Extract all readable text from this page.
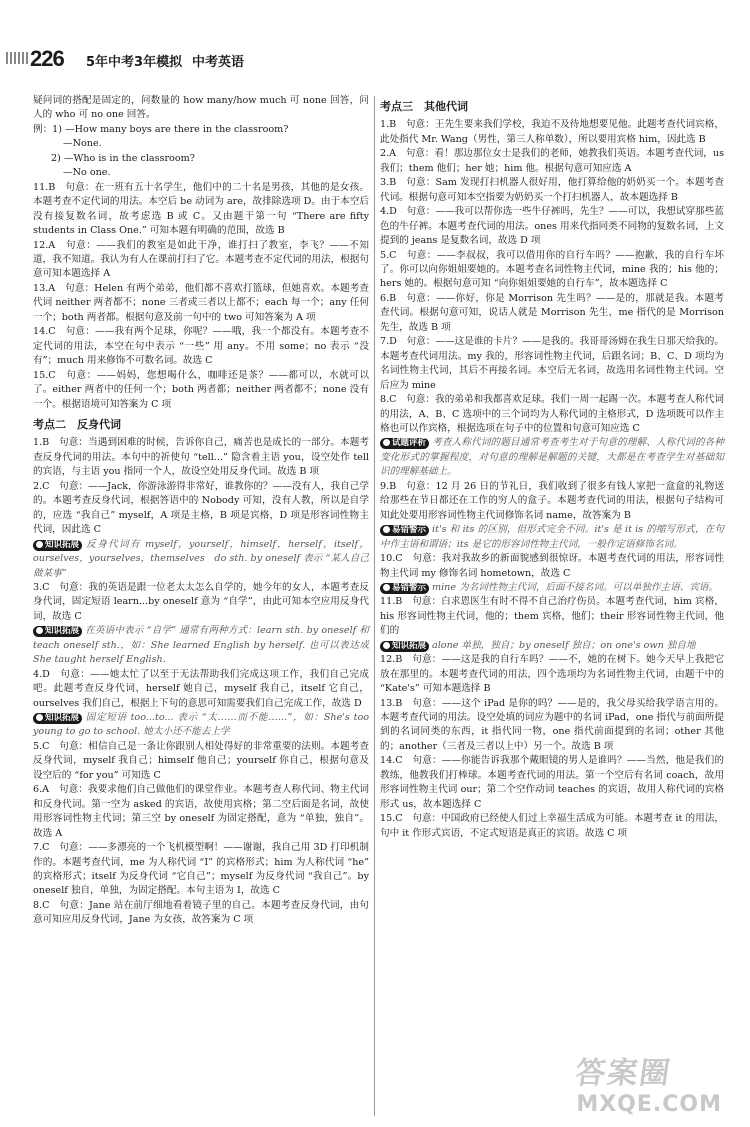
226 5年中考3年模拟 中考英语

疑问词的搭配是固定的，问数量的 how many/how much 可 none 回答，问人的 who 可 no one 回答。

例：1) —How many boys are there in the classroom?

—None.

2) —Who is in the classroom?

—No one.

11.B　句意：在一班有五十名学生，他们中的二十名是男孩，其他的是女孩。本题考查不定代词的用法。本空后 be 动词为 are，故排除选项 D。由于本空后没有接复数名词，故考虑选 B 或 C。又由题干第一句 “There are fifty students in Class One.” 可知本题有明确的范围，故选 B

12.A　句意：——我们的教室是如此干净，谁打扫了教室，李飞？——不知道，我不知道。我认为有人在课前打扫了它。本题考查不定代词的用法，根据句意可知本题选择 A

13.A　句意：Helen 有两个弟弟，他们都不喜欢打篮球，但她喜欢。本题考查代词 neither 两者都不；none 三者或三者以上都不；each 每一个；any 任何一个；both 两者都。根据句意及前一句中的 two 可知答案为 A 项

14.C　句意：——我有两个足球，你呢？——哦，我一个都没有。本题考查不定代词的用法，本空在句中表示 “一些” 用 any。不用 some；no 表示 “没有”；much 用来修饰不可数名词。故选 C

15.C　句意：——妈妈，您想喝什么，咖啡还是茶？——都可以，水就可以了。either 两者中的任何一个；both 两者都；neither 两者都不；none 没有一个。根据语境可知答案为 C 项

考点二　反身代词

1.B　句意：当遇到困难的时候，告诉你自己，痛苦也是成长的一部分。本题考查反身代词的用法。本句中的祈使句 “tell...” 隐含着主语 you，设空处作 tell 的宾语，与主语 you 指同一个人，故设空处用反身代词。故选 B 项

2.C　句意：——Jack，你游泳游得非常好，谁教你的？——没有人，我自己学的。本题考查反身代词，根据答语中的 Nobody 可知，没有人教，所以是自学的，应选 “我自己” myself，A 项是主格，B 项是宾格，D 项是形容词性物主代词，因此选 C

知识拓展 反身代词有 myself，yourself，himself，herself，itself，ourselves，yourselves，themselves　do sth. by oneself 表示 “某人自己做某事”

3.C　句意：我的英语是跟一位老太太怎么自学的，她今年的女人，本题考查反身代词，固定短语 learn...by oneself 意为 “自学”，由此可知本空应用反身代词，故选 C

知识拓展 在英语中表示 “自学” 通常有两种方式：learn sth. by oneself 和 teach oneself sth.，如：She learned English by herself. 也可以表达成 She taught herself English.

4.D　句意：——她太忙了以至于无法帮助我们完成这项工作，我们自己完成吧。此题考查反身代词，herself 她自己，myself 我自己，itself 它自己，ourselves 我们自己，根据上下句的意思可知需要我们自己完成工作，故选 D

知识拓展 固定短语 too...to... 表示 “太……而不能……”，如：She's too young to go to school. 她太小还不能去上学

5.C　句意：相信自己是一条让你跟别人相处得好的非常重要的法则。本题考查反身代词，myself 我自己；himself 他自己；yourself 你自己，根据句意及设空后的 “for you” 可知选 C

6.A　句意：我要求他们自己做他们的课堂作业。本题考查人称代词、物主代词和反身代词。第一空为 asked 的宾语，故使用宾格；第二空后面是名词，故使用形容词性物主代词；第三空 by oneself 为固定搭配，意为 “单独，独自”。故选 A

7.C　句意：——多漂亮的一个飞机模型啊！——谢谢，我自己用 3D 打印机制作的。本题考查代词，me 为人称代词 “I” 的宾格形式；him 为人称代词 “he” 的宾格形式；itself 为反身代词 “它自己”；myself 为反身代词 “我自己”。by oneself 独自，单独，为固定搭配。本句主语为 I，故选 C

8.C　句意：Jane 站在前厅细地看着镜子里的自己。本题考查反身代词，由句意可知应用反身代词，Jane 为女孩，故答案为 C 项

考点三　其他代词

1.B　句意：王先生要来我们学校，我迫不及待地想要见他。此题考查代词宾格，此处指代 Mr. Wang（男性，第三人称单数），所以要用宾格 him，因此选 B

2.A　句意：看！那边那位女士是我们的老师，她教我们英语。本题考查代词，us 我们；them 他们；her 她；him 他。根据句意可知应选 A

3.B　句意：Sam 发现打扫机器人很好用，他打算给他的奶奶买一个。本题考查代词。根据句意可知本空指要为奶奶买一个打扫机器人，故本题选择 B

4.D　句意：——我可以帮你选一些牛仔裤吗，先生？——可以，我想试穿那些蓝色的牛仔裤。本题考查代词的用法。ones 用来代指同类不同物的复数名词，上文提到的 jeans 是复数名词，故选 D 项

5.C　句意：——李叔叔，我可以借用你的自行车吗？——抱歉，我的自行车坏了。你可以向你姐姐要她的。本题考查名词性物主代词，mine 我的；his 他的；hers 她的。根据句意可知 “向你姐姐要她的自行车”，故本题选择 C

6.B　句意：——你好，你是 Morrison 先生吗？——是的，那就是我。本题考查代词。根据句意可知，说话人就是 Morrison 先生，me 指代的是 Morrison 先生，故选 B 项

7.D　句意：——这是谁的卡片？——是我的。我哥哥汤姆在我生日那天给我的。本题考查代词用法。my 我的，形容词性物主代词，后跟名词；B、C、D 项均为名词性物主代词，其后不再接名词。本空后无名词，故选用名词性物主代词。空后应为 mine

8.C　句意：我的弟弟和我都喜欢足球。我们一周一起踢一次。本题考查人称代词的用法，A、B、C 选项中的三个词均为人称代词的主格形式，D 选项既可以作主格也可以作宾格，根据选项在句子中的位置和句意可知应选 C

试题评析 考查人称代词的题目通常考查考生对于句意的理解、人称代词的各种变化形式的掌握程度，对句意的理解是解题的关键，大都是在考查学生对基础知识的理解基础上。

9.B　句意：12 月 26 日的节礼日，我们收到了很多有钱人家把一盒盒的礼物送给那些在节日都还在工作的穷人的盒子。本题考查代词的用法，根据句子结构可知此处要用形容词性物主代词修饰名词 name，故答案为 B

易错警示 it's 和 its 的区别，但形式完全不同。it's 是 it is 的缩写形式，在句中作主语和谓语；its 是它的形容词性物主代词，一般作定语修饰名词。

10.C　句意：我对我故乡的新面貌感到很惊讶。本题考查代词的用法，形容词性物主代词 my 修饰名词 hometown，故选 C

易错警示 mine 为名词性物主代词，后面不接名词。可以单独作主语、宾语。

11.B　句意：白求恩医生有时不得不自己治疗伤员。本题考查代词，him 宾格，his 形容词性物主代词，他的；them 宾格，他们；their 形容词性物主代词，他们的

知识拓展 alone 单独，独自；by oneself 独自；on one's own 独自地

12.B　句意：——这是我的自行车吗？——不，她的在树下。她今天早上我把它放在那里的。本题考查代词的用法，四个选项均为名词性物主代词，由题干中的 “Kate's” 可知本题选择 B

13.B　句意：——这个 iPad 是你的吗？——是的，我父母买给我学语言用的。本题考查代词的用法。设空处填的词应为题中的名词 iPad，one 指代与前面所提到的名词同类的东西，it 指代同一物，one 指代前面提到的名词；other 其他的；another（三者及三者以上中）另一个。故选 B 项

14.C　句意：——你能告诉我那个戴眼镜的男人是谁吗？——当然，他是我们的教练，他教我们打棒球。本题考查代词的用法。第一个空后有名词 coach，故用形容词性物主代词 our；第二个空作动词 teaches 的宾语，故用人称代词的宾格形式 us，故本题选择 C

15.C　句意：中国政府已经使人们过上幸福生活成为可能。本题考查 it 的用法，句中 it 作形式宾语，不定式短语是真正的宾语。故选 C 项

答案圈
MXQE.COM
